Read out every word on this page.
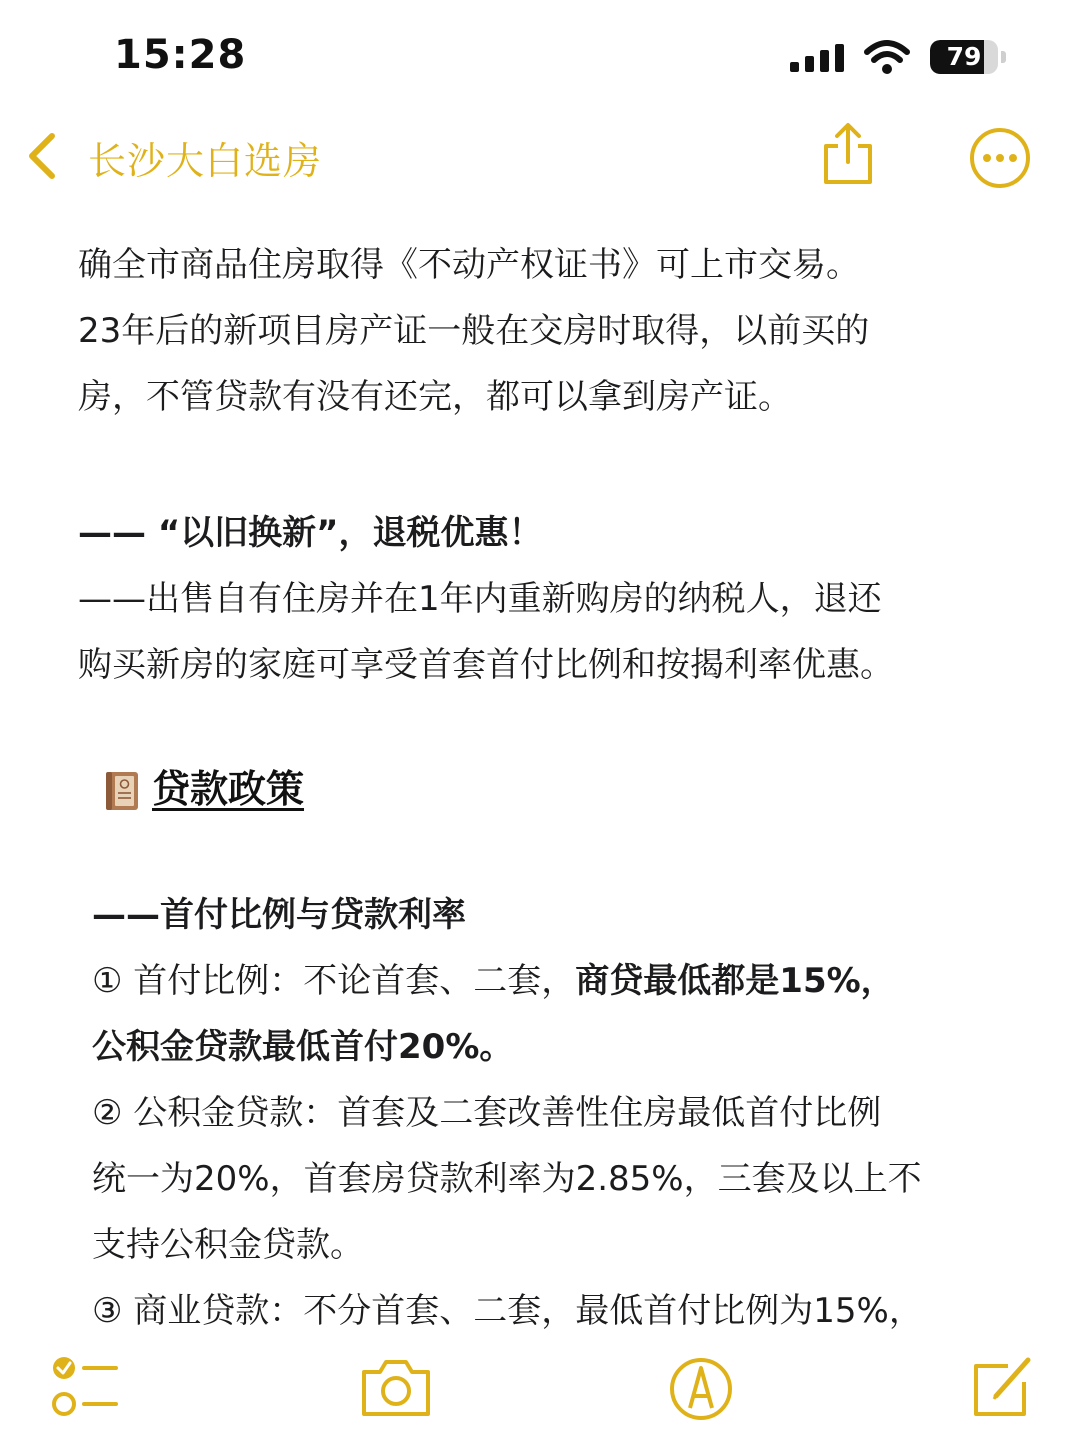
15:28	79
长沙大白选房

确全市商品住房取得《不动产权证书》可上市交易。

23年后的新项目房产证一般在交房时取得，以前买的

房，不管贷款有没有还完，都可以拿到房产证。

—— “以旧换新”，退税优惠！

——出售自有住房并在1年内重新购房的纳税人，退还

购买新房的家庭可享受首套首付比例和按揭利率优惠。

贷款政策

——首付比例与贷款利率

① 首付比例：不论首套、二套，商贷最低都是15%，

公积金贷款最低首付20%。

② 公积金贷款：首套及二套改善性住房最低首付比例

统一为20%，首套房贷款利率为2.85%，三套及以上不

支持公积金贷款。

③ 商业贷款：不分首套、二套，最低首付比例为15%，
